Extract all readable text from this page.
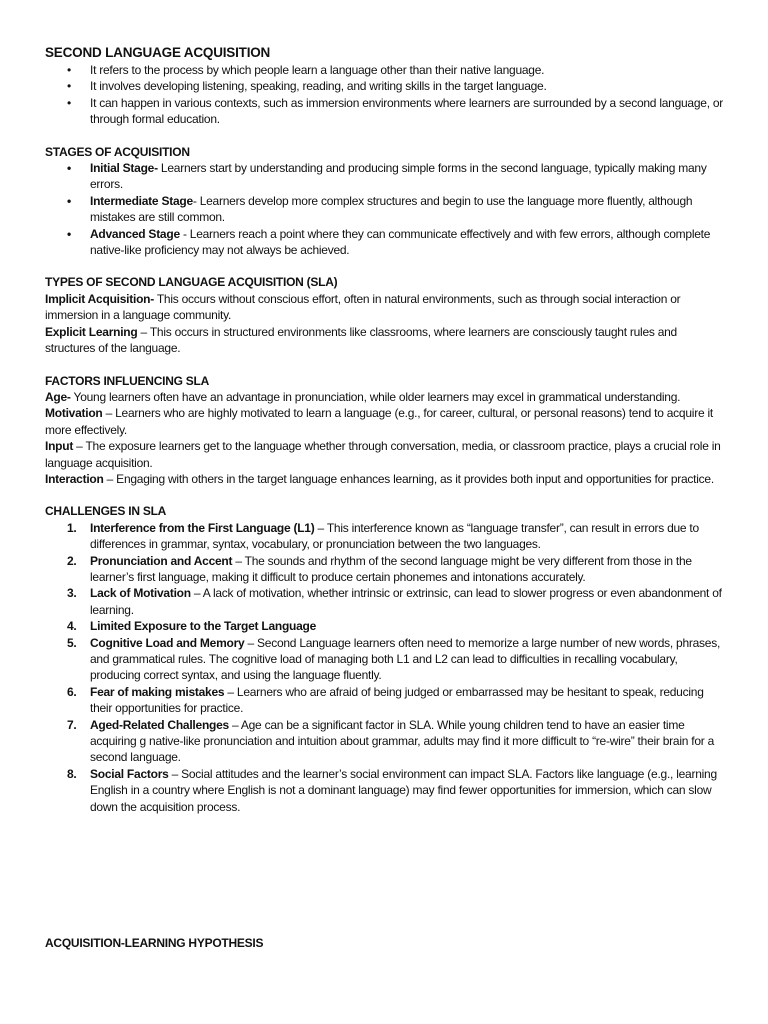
SECOND LANGUAGE ACQUISITION

• It refers to the process by which people learn a language other than their native language.
• It involves developing listening, speaking, reading, and writing skills in the target language.
• It can happen in various contexts, such as immersion environments where learners are surrounded by a second language, or through formal education.

STAGES OF ACQUISITION

• Initial Stage- Learners start by understanding and producing simple forms in the second language, typically making many errors.
• Intermediate Stage- Learners develop more complex structures and begin to use the language more fluently, although mistakes are still common.
• Advanced Stage - Learners reach a point where they can communicate effectively and with few errors, although complete native-like proficiency may not always be achieved.

TYPES OF SECOND LANGUAGE ACQUISITION (SLA)

Implicit Acquisition- This occurs without conscious effort, often in natural environments, such as through social interaction or immersion in a language community.

Explicit Learning – This occurs in structured environments like classrooms, where learners are consciously taught rules and structures of the language.

FACTORS INFLUENCING SLA

Age- Young learners often have an advantage in pronunciation, while older learners may excel in grammatical understanding.

Motivation – Learners who are highly motivated to learn a language (e.g., for career, cultural, or personal reasons) tend to acquire it more effectively.

Input – The exposure learners get to the language whether through conversation, media, or classroom practice, plays a crucial role in language acquisition.

Interaction – Engaging with others in the target language enhances learning, as it provides both input and opportunities for practice.

CHALLENGES IN SLA

1.	Interference from the First Language (L1) – This interference known as “language transfer”, can result in errors due to differences in grammar, syntax, vocabulary, or pronunciation between the two languages.
2.	Pronunciation and Accent – The sounds and rhythm of the second language might be very different from those in the learner’s first language, making it difficult to produce certain phonemes and intonations accurately.
3.	Lack of Motivation – A lack of motivation, whether intrinsic or extrinsic, can lead to slower progress or even abandonment of learning.
4.	Limited Exposure to the Target Language
5.	Cognitive Load and Memory – Second Language learners often need to memorize a large number of new words, phrases, and grammatical rules. The cognitive load of managing both L1 and L2 can lead to difficulties in recalling vocabulary, producing correct syntax, and using the language fluently.
6.	Fear of making mistakes – Learners who are afraid of being judged or embarrassed may be hesitant to speak, reducing their opportunities for practice.
7.	Aged-Related Challenges – Age can be a significant factor in SLA. While young children tend to have an easier time acquiring g native-like pronunciation and intuition about grammar, adults may find it more difficult to “re-wire” their brain for a second language.
8.	Social Factors – Social attitudes and the learner’s social environment can impact SLA. Factors like language (e.g., learning English in a country where English is not a dominant language) may find fewer opportunities for immersion, which can slow down the acquisition process.
ACQUISITION-LEARNING HYPOTHESIS
